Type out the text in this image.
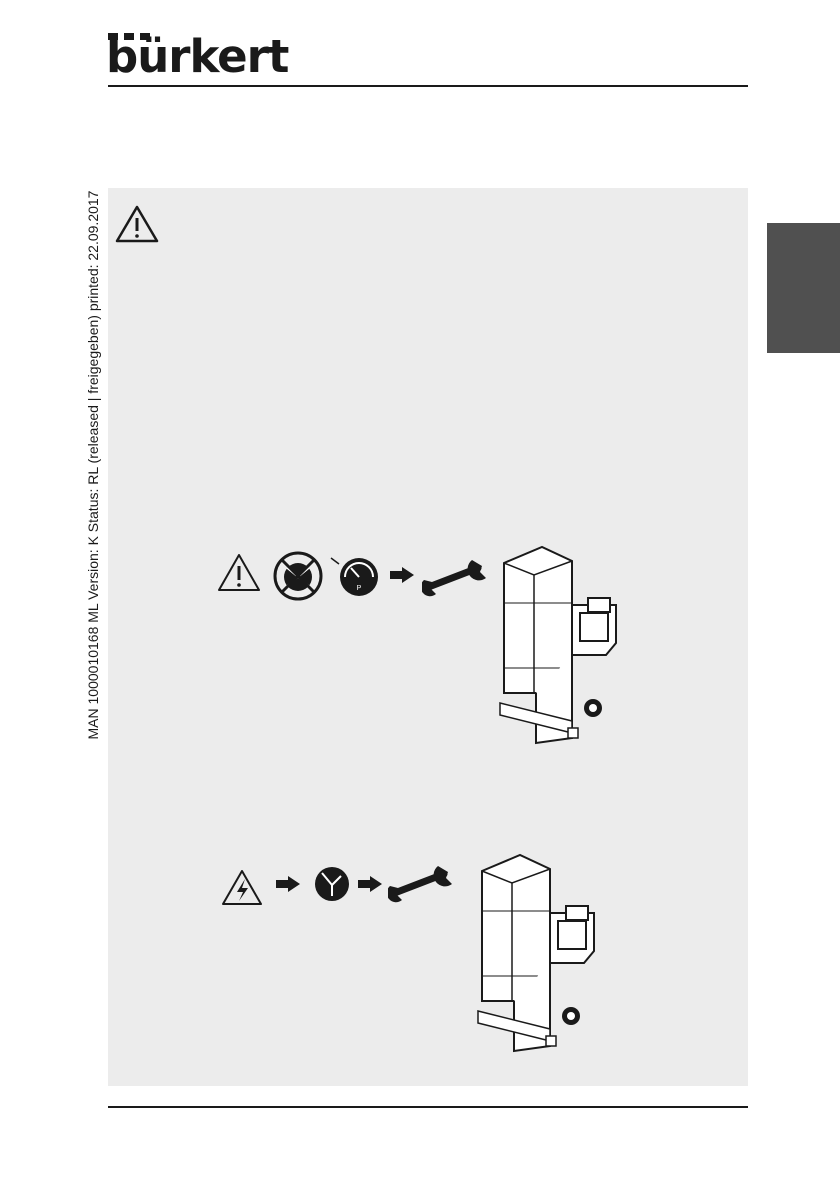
bürkert
MAN 1000010168 ML Version: K Status: RL (released | freigegeben) printed: 22.09.2017	P
